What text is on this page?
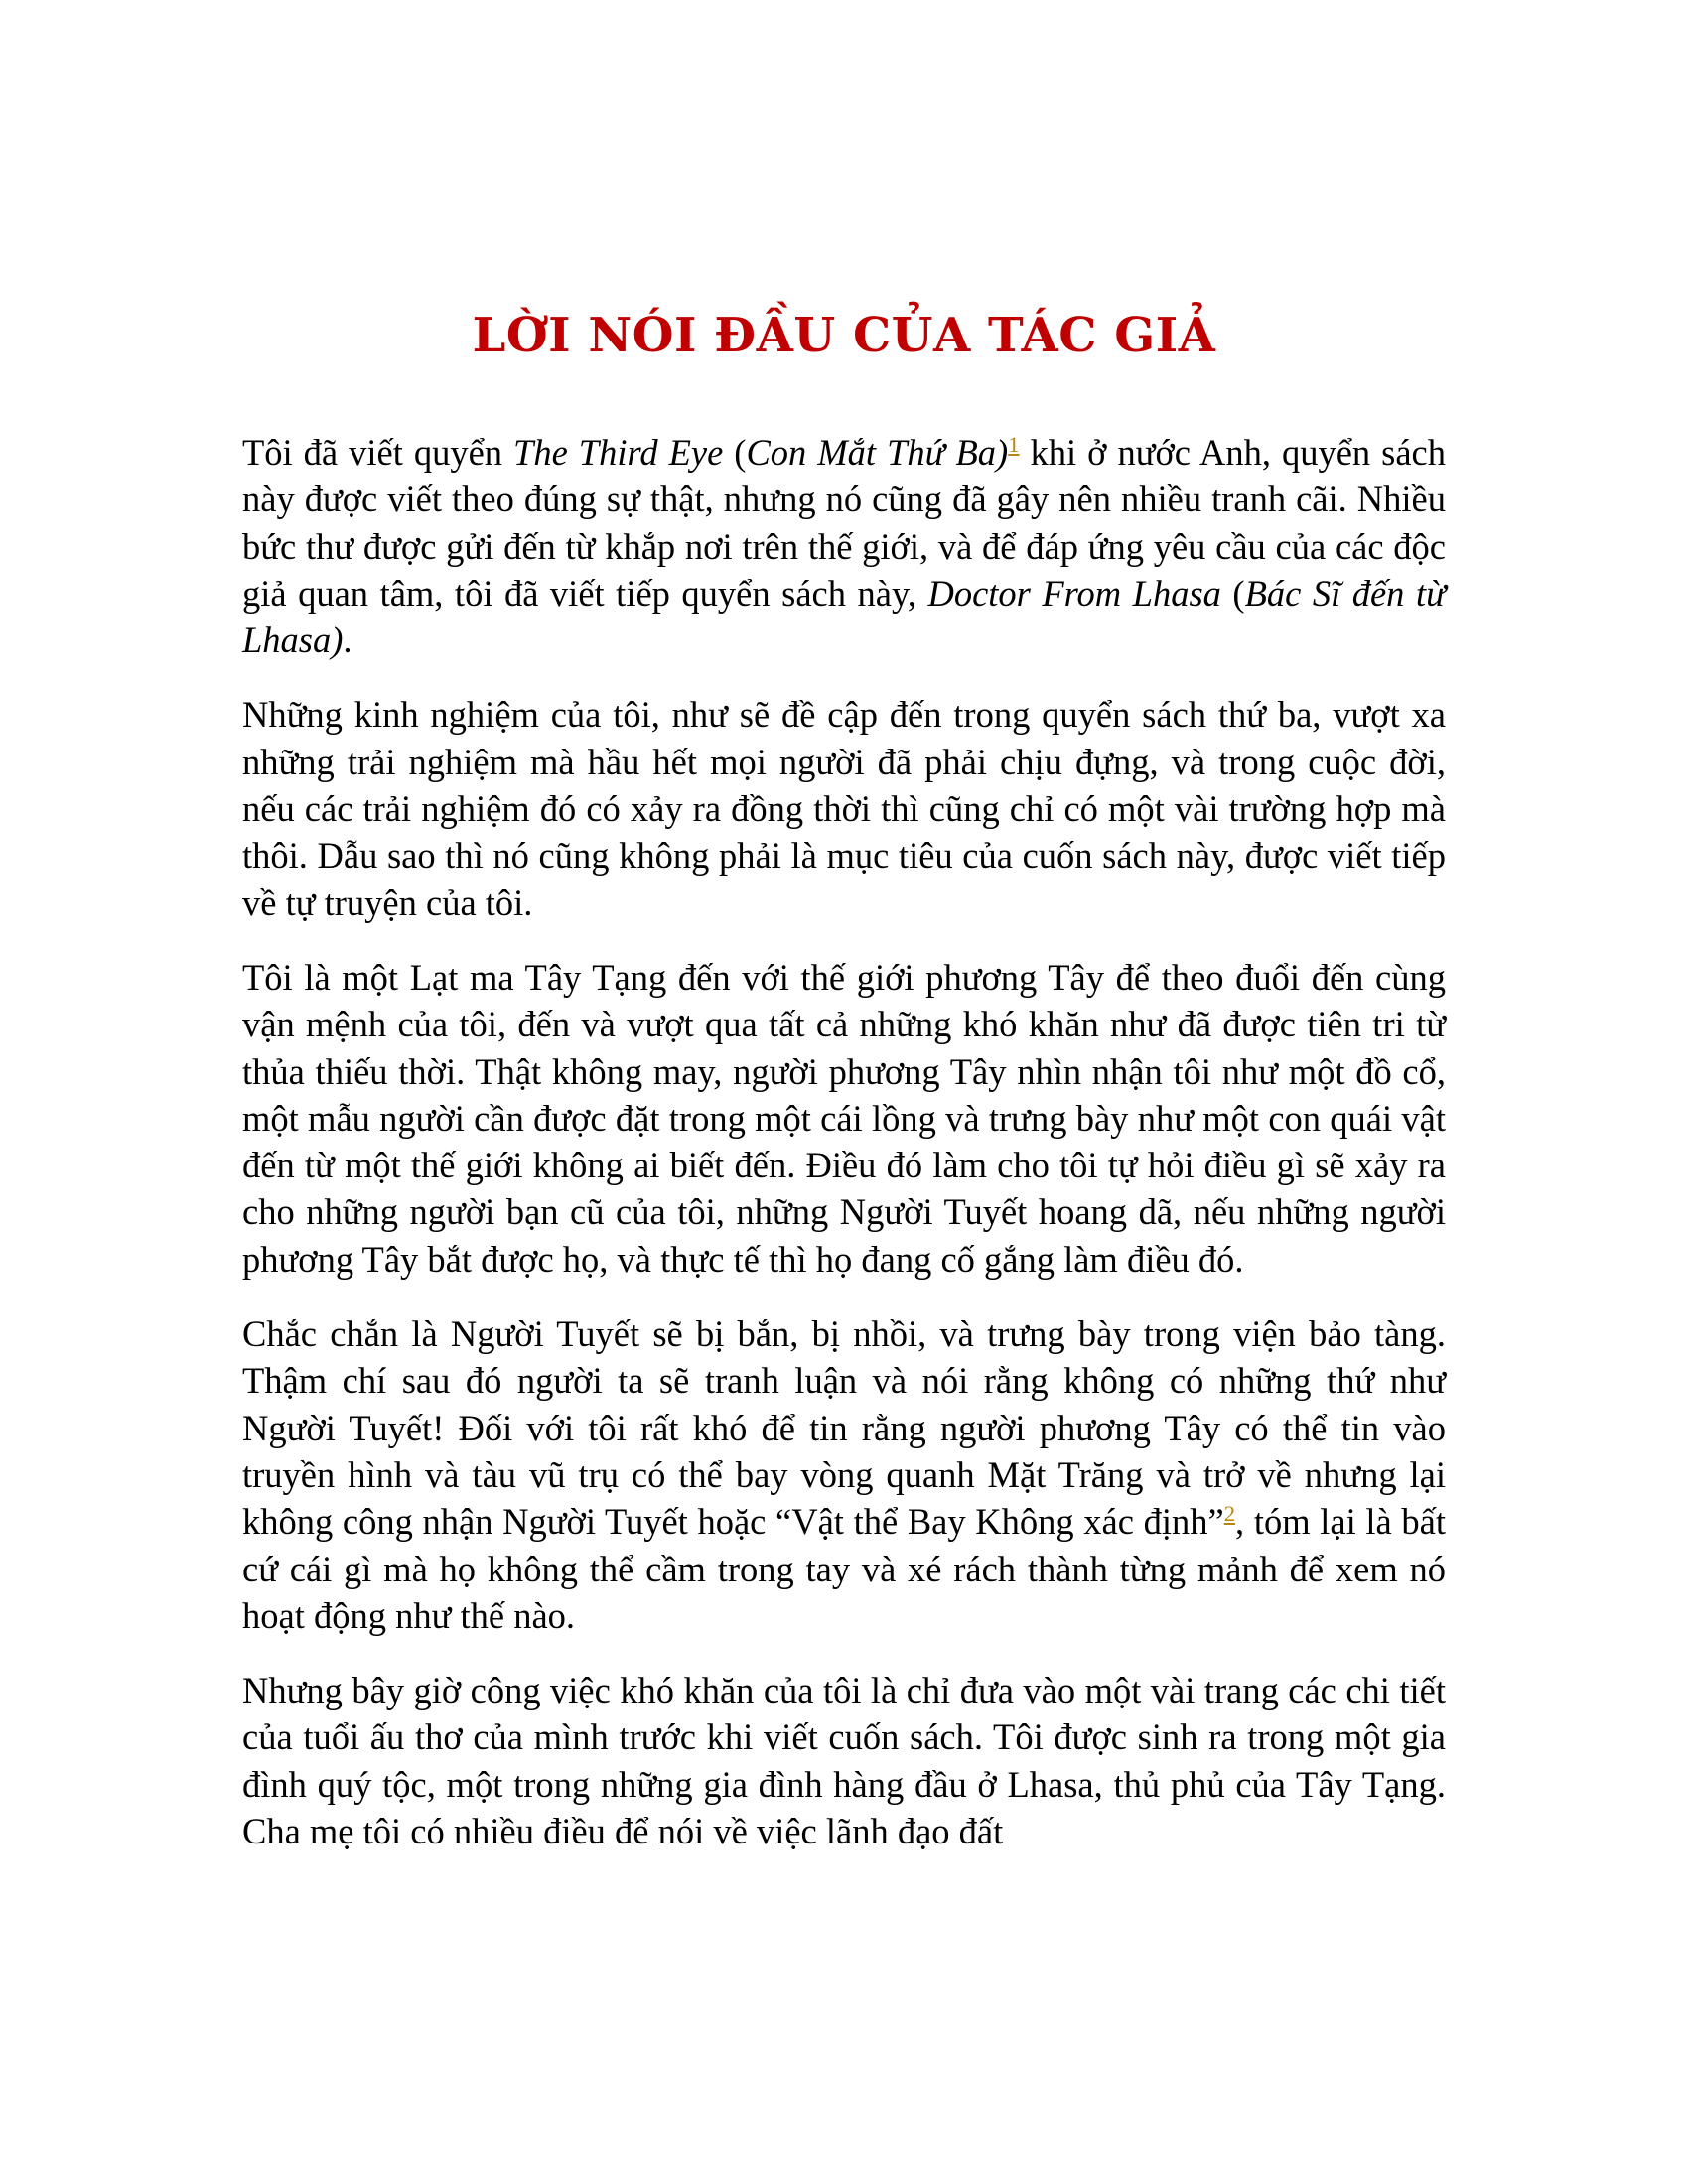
LỜI NÓI ĐẦU CỦA TÁC GIẢ

Tôi đã viết quyển The Third Eye (Con Mắt Thứ Ba)$^1$ khi ở nước Anh, quyển sách này được viết theo đúng sự thật, nhưng nó cũng đã gây nên nhiều tranh cãi. Nhiều bức thư được gửi đến từ khắp nơi trên thế giới, và để đáp ứng yêu cầu của các độc giả quan tâm, tôi đã viết tiếp quyển sách này, Doctor From Lhasa (Bác Sĩ đến từ Lhasa).

Những kinh nghiệm của tôi, như sẽ đề cập đến trong quyển sách thứ ba, vượt xa những trải nghiệm mà hầu hết mọi người đã phải chịu đựng, và trong cuộc đời, nếu các trải nghiệm đó có xảy ra đồng thời thì cũng chỉ có một vài trường hợp mà thôi. Dẫu sao thì nó cũng không phải là mục tiêu của cuốn sách này, được viết tiếp về tự truyện của tôi.

Tôi là một Lạt ma Tây Tạng đến với thế giới phương Tây để theo đuổi đến cùng vận mệnh của tôi, đến và vượt qua tất cả những khó khăn như đã được tiên tri từ thủa thiếu thời. Thật không may, người phương Tây nhìn nhận tôi như một đồ cổ, một mẫu người cần được đặt trong một cái lồng và trưng bày như một con quái vật đến từ một thế giới không ai biết đến. Điều đó làm cho tôi tự hỏi điều gì sẽ xảy ra cho những người bạn cũ của tôi, những Người Tuyết hoang dã, nếu những người phương Tây bắt được họ, và thực tế thì họ đang cố gắng làm điều đó.

Chắc chắn là Người Tuyết sẽ bị bắn, bị nhồi, và trưng bày trong viện bảo tàng. Thậm chí sau đó người ta sẽ tranh luận và nói rằng không có những thứ như Người Tuyết! Đối với tôi rất khó để tin rằng người phương Tây có thể tin vào truyền hình và tàu vũ trụ có thể bay vòng quanh Mặt Trăng và trở về nhưng lại không công nhận Người Tuyết hoặc “Vật thể Bay Không xác định”$^2$, tóm lại là bất cứ cái gì mà họ không thể cầm trong tay và xé rách thành từng mảnh để xem nó hoạt động như thế nào.

Nhưng bây giờ công việc khó khăn của tôi là chỉ đưa vào một vài trang các chi tiết của tuổi ấu thơ của mình trước khi viết cuốn sách. Tôi được sinh ra trong một gia đình quý tộc, một trong những gia đình hàng đầu ở Lhasa, thủ phủ của Tây Tạng. Cha mẹ tôi có nhiều điều để nói về việc lãnh đạo đất
